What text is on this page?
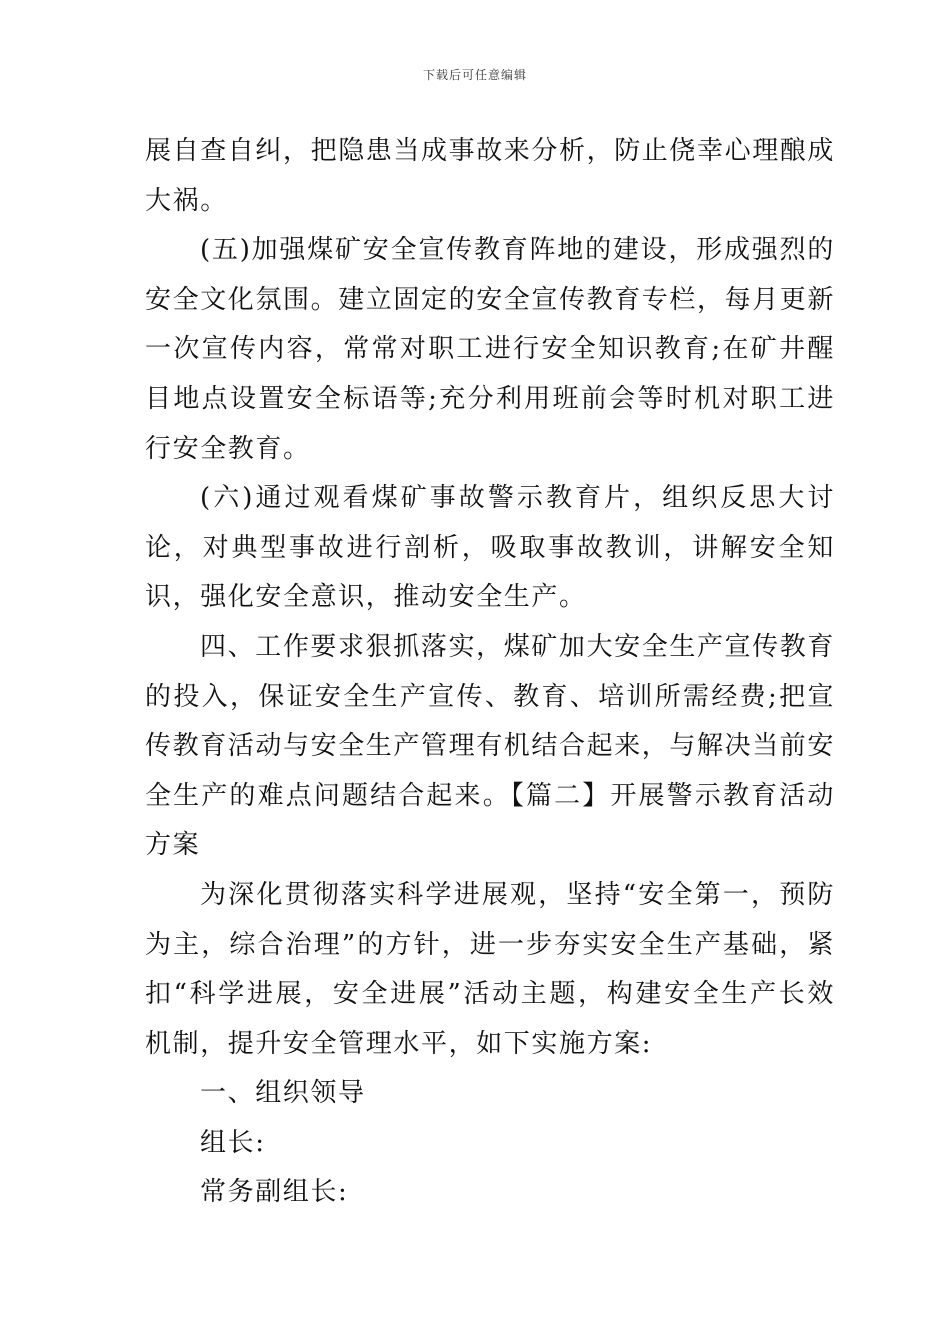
下载后可任意编辑

展自查自纠，把隐患当成事故来分析，防止侥幸心理酿成大祸。

(五)加强煤矿安全宣传教育阵地的建设，形成强烈的安全文化氛围。建立固定的安全宣传教育专栏，每月更新一次宣传内容，常常对职工进行安全知识教育;在矿井醒目地点设置安全标语等;充分利用班前会等时机对职工进行安全教育。

(六)通过观看煤矿事故警示教育片，组织反思大讨论，对典型事故进行剖析，吸取事故教训，讲解安全知识，强化安全意识，推动安全生产。

四、工作要求狠抓落实，煤矿加大安全生产宣传教育的投入，保证安全生产宣传、教育、培训所需经费;把宣传教育活动与安全生产管理有机结合起来，与解决当前安全生产的难点问题结合起来。【篇二】开展警示教育活动方案

为深化贯彻落实科学进展观，坚持“安全第一，预防为主，综合治理”的方针，进一步夯实安全生产基础，紧扣“科学进展，安全进展”活动主题，构建安全生产长效机制，提升安全管理水平，如下实施方案:

一、组织领导

组长:

常务副组长:
